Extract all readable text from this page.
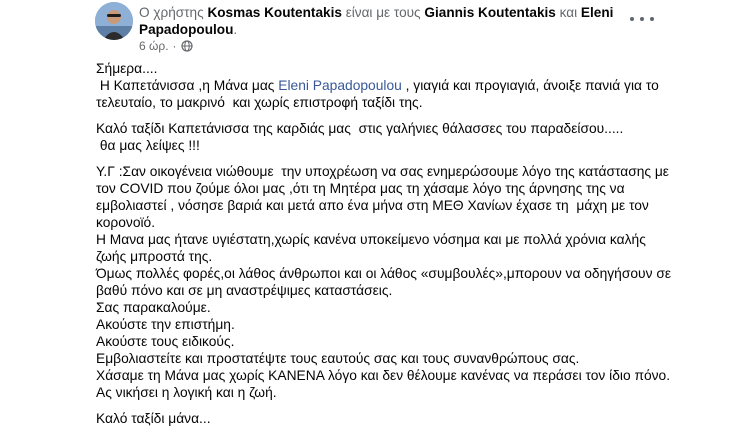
Ο χρήστης Kosmas Koutentakis είναι με τους Giannis Koutentakis και Eleni Papadopoulou.
6 ώρ. ·

Σήμερα....

Η Καπετάνισσα ,η Μάνα μας Eleni Papadopoulou , γιαγιά και προγιαγιά, άνοιξε πανιά για το

τελευταίο, το μακρινό  και χωρίς επιστροφή ταξίδι της.

Καλό ταξίδι Καπετάνισσα της καρδιάς μας  στις γαλήνιες θάλασσες του παραδείσου.....

θα μας λείψες !!!

Υ.Γ :Σαν οικογένεια νιώθουμε  την υποχρέωση να σας ενημερώσουμε λόγο της κατάστασης με

τον COVID που ζούμε όλοι μας ,ότι τη Μητέρα μας τη χάσαμε λόγο της άρνησης της να

εμβολιαστεί , νόσησε βαριά και μετά απο ένα μήνα στη ΜΕΘ Χανίων έχασε τη  μάχη με τον

κορονοϊό.

Η Μανα μας ήτανε υγιέστατη,χωρίς κανένα υποκείμενο νόσημα και με πολλά χρόνια καλής

ζωής μπροστά της.

Όμως πολλές φορές,οι λάθος άνθρωποι και οι λάθος «συμβουλές»,μπορουν να οδηγήσουν σε

βαθύ πόνο και σε μη αναστρέψιμες καταστάσεις.

Σας παρακαλούμε.

Ακούστε την επιστήμη.

Ακούστε τους ειδικούς.

Εμβολιαστείτε και προστατέψτε τους εαυτούς σας και τους συνανθρώπους σας.

Χάσαμε τη Μάνα μας χωρίς ΚΑΝΕΝΑ λόγο και δεν θέλουμε κανένας να περάσει τον ίδιο πόνο.

Ας νικήσει η λογική και η ζωή.

Καλό ταξίδι μάνα...
